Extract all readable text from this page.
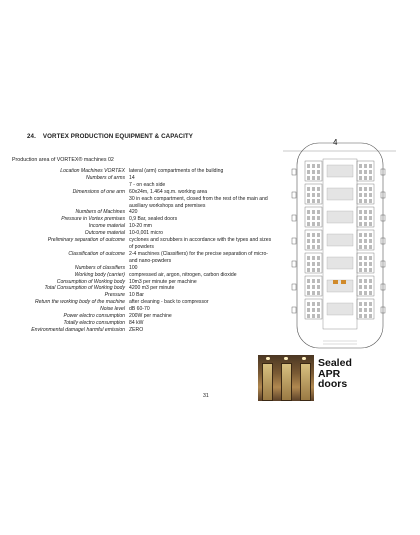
24. VORTEX PRODUCTION EQUIPMENT & CAPACITY
Production area of VORTEX® machines 02
Location Machines VORTEX lateral (arm) compartments of the building
Numbers of arms 14
7 - on each side
Dimensions of one arm 60x24m, 1.464 sq.m. working area
30 in each compartment, closed from the rest of the main and auxiliary workshops and premises
Numbers of Machines 420
Pressure in Vortex premises 0,9 Bar, sealed doors
Income material 10-20 mm
Outcome material 10-0,001 micro
Preliminary separation of outcome cyclones and scrubbers in accordance with the types and sizes of powders
Classification of outcome 2-4 machines (Classifiers) for the precise separation of micro- and nano-powders
Numbers of classifiers 100
Working body (carrier) compressed air, argon, nitrogen, carbon dioxide
Consumption of Working body 10m3 per minute per machine
Total Consumption of Working body 4200 m3 per minute
Pressure 10 Bar
Return the working body of the machine after cleaning - back to compressor
Noise level dB 60-70
Power electro consumption 200W per machine
Totally electro consumption 84 kW
Environmental damage\ harmful emission ZERO
4
Sealed
APR
doors
31
